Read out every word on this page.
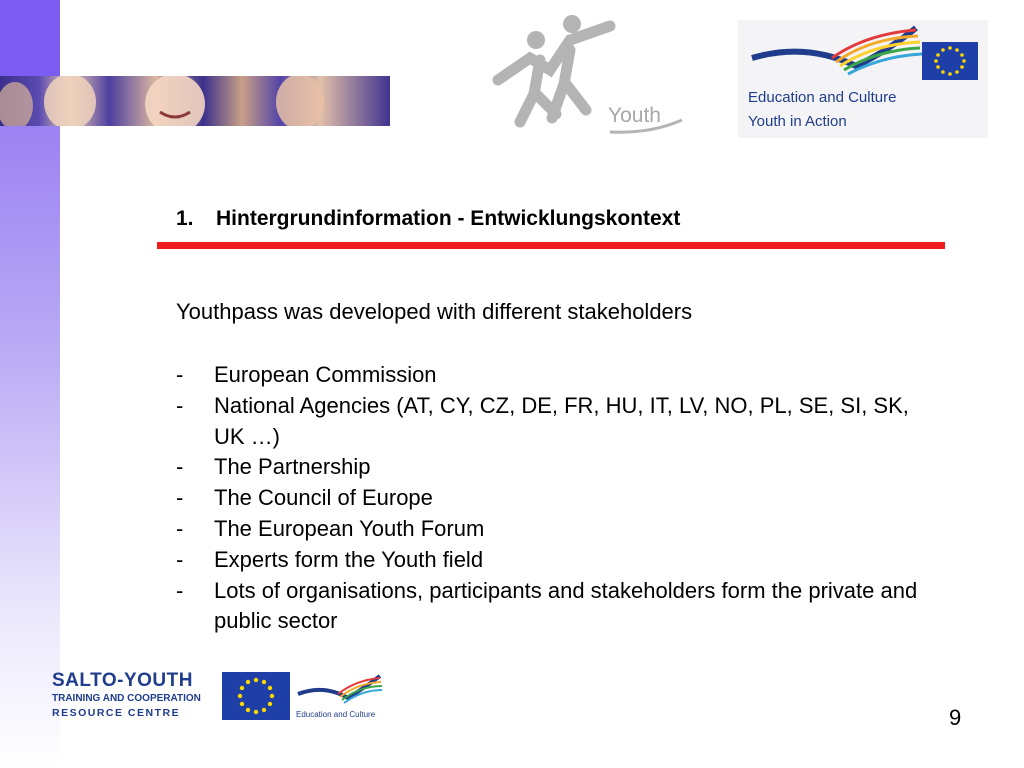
Youth
Education and Culture
Youth in Action
1. Hintergrundinformation - Entwicklungskontext
Youthpass was developed with different stakeholders
- European Commission
- National Agencies (AT, CY, CZ, DE, FR, HU, IT, LV, NO, PL, SE, SI, SK, UK …)
- The Partnership
- The Council of Europe
- The European Youth Forum
- Experts form the Youth field
- Lots of organisations, participants and stakeholders form the private and public sector
SALTO-YOUTH
TRAINING AND COOPERATION
RESOURCE CENTRE	Education and Culture	9
